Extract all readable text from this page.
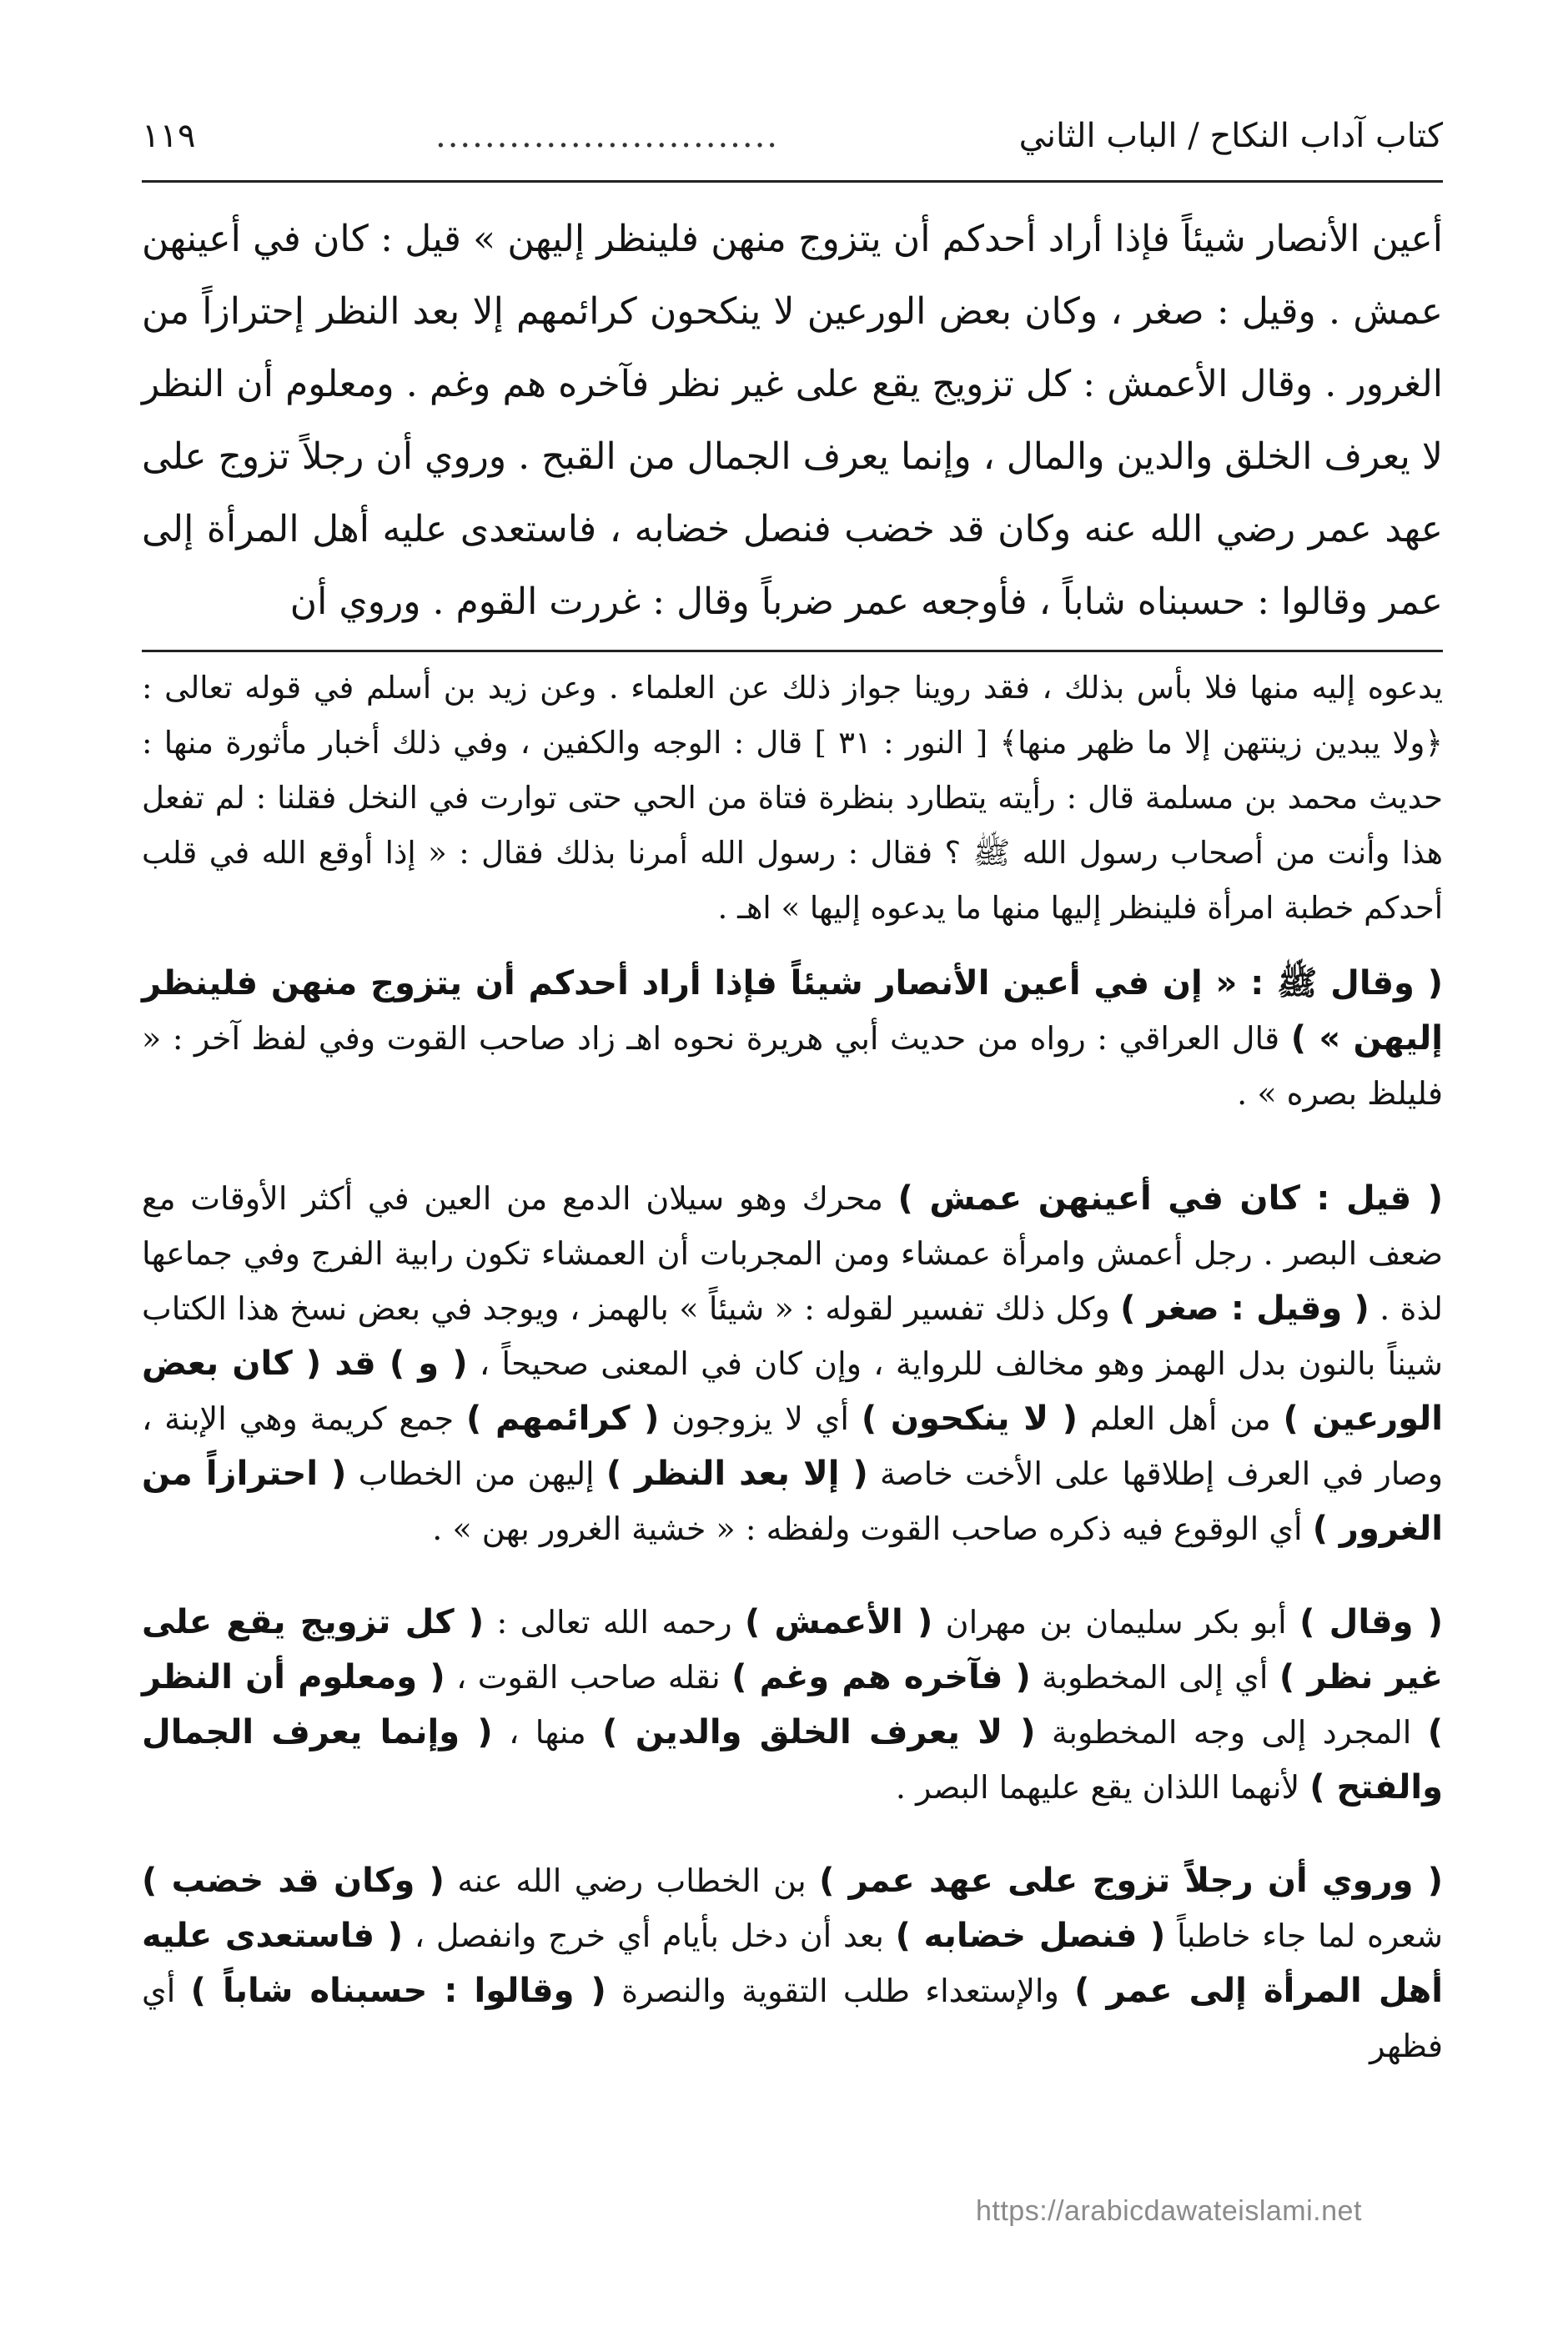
كتاب آداب النكاح / الباب الثاني
............................
١١٩

أعين الأنصار شيئاً فإذا أراد أحدكم أن يتزوج منهن فلينظر إليهن » قيل : كان في أعينهن عمش . وقيل : صغر ، وكان بعض الورعين لا ينكحون كرائمهم إلا بعد النظر إحترازاً من الغرور . وقال الأعمش : كل تزويج يقع على غير نظر فآخره هم وغم . ومعلوم أن النظر لا يعرف الخلق والدين والمال ، وإنما يعرف الجمال من القبح . وروي أن رجلاً تزوج على عهد عمر رضي الله عنه وكان قد خضب فنصل خضابه ، فاستعدى عليه أهل المرأة إلى عمر وقالوا : حسبناه شاباً ، فأوجعه عمر ضرباً وقال : غررت القوم . وروي أن

يدعوه إليه منها فلا بأس بذلك ، فقد روينا جواز ذلك عن العلماء . وعن زيد بن أسلم في قوله تعالى : ﴿ولا يبدين زينتهن إلا ما ظهر منها﴾ [ النور : ٣١ ] قال : الوجه والكفين ، وفي ذلك أخبار مأثورة منها : حديث محمد بن مسلمة قال : رأيته يتطارد بنظرة فتاة من الحي حتى توارت في النخل فقلنا : لم تفعل هذا وأنت من أصحاب رسول الله ﷺ ؟ فقال : رسول الله أمرنا بذلك فقال : « إذا أوقع الله في قلب أحدكم خطبة امرأة فلينظر إليها منها ما يدعوه إليها » اهـ .

( وقال ﷺ : « إن في أعين الأنصار شيئاً فإذا أراد أحدكم أن يتزوج منهن فلينظر إليهن » ) قال العراقي : رواه من حديث أبي هريرة نحوه اهـ زاد صاحب القوت وفي لفظ آخر : « فليلظ بصره » .

( قيل : كان في أعينهن عمش ) محرك وهو سيلان الدمع من العين في أكثر الأوقات مع ضعف البصر . رجل أعمش وامرأة عمشاء ومن المجربات أن العمشاء تكون رابية الفرج وفي جماعها لذة . ( وقيل : صغر ) وكل ذلك تفسير لقوله : « شيئاً » بالهمز ، ويوجد في بعض نسخ هذا الكتاب شيناً بالنون بدل الهمز وهو مخالف للرواية ، وإن كان في المعنى صحيحاً ، ( و ) قد ( كان بعض الورعين ) من أهل العلم ( لا ينكحون ) أي لا يزوجون ( كرائمهم ) جمع كريمة وهي الإبنة ، وصار في العرف إطلاقها على الأخت خاصة ( إلا بعد النظر ) إليهن من الخطاب ( احترازاً من الغرور ) أي الوقوع فيه ذكره صاحب القوت ولفظه : « خشية الغرور بهن » .

( وقال ) أبو بكر سليمان بن مهران ( الأعمش ) رحمه الله تعالى : ( كل تزويج يقع على غير نظر ) أي إلى المخطوبة ( فآخره هم وغم ) نقله صاحب القوت ، ( ومعلوم أن النظر ) المجرد إلى وجه المخطوبة ( لا يعرف الخلق والدين ) منها ، ( وإنما يعرف الجمال والفتح ) لأنهما اللذان يقع عليهما البصر .

( وروي أن رجلاً تزوج على عهد عمر ) بن الخطاب رضي الله عنه ( وكان قد خضب ) شعره لما جاء خاطباً ( فنصل خضابه ) بعد أن دخل بأيام أي خرج وانفصل ، ( فاستعدى عليه أهل المرأة إلى عمر ) والإستعداء طلب التقوية والنصرة ( وقالوا : حسبناه شاباً ) أي فظهر

https://arabicdawateislami.net
